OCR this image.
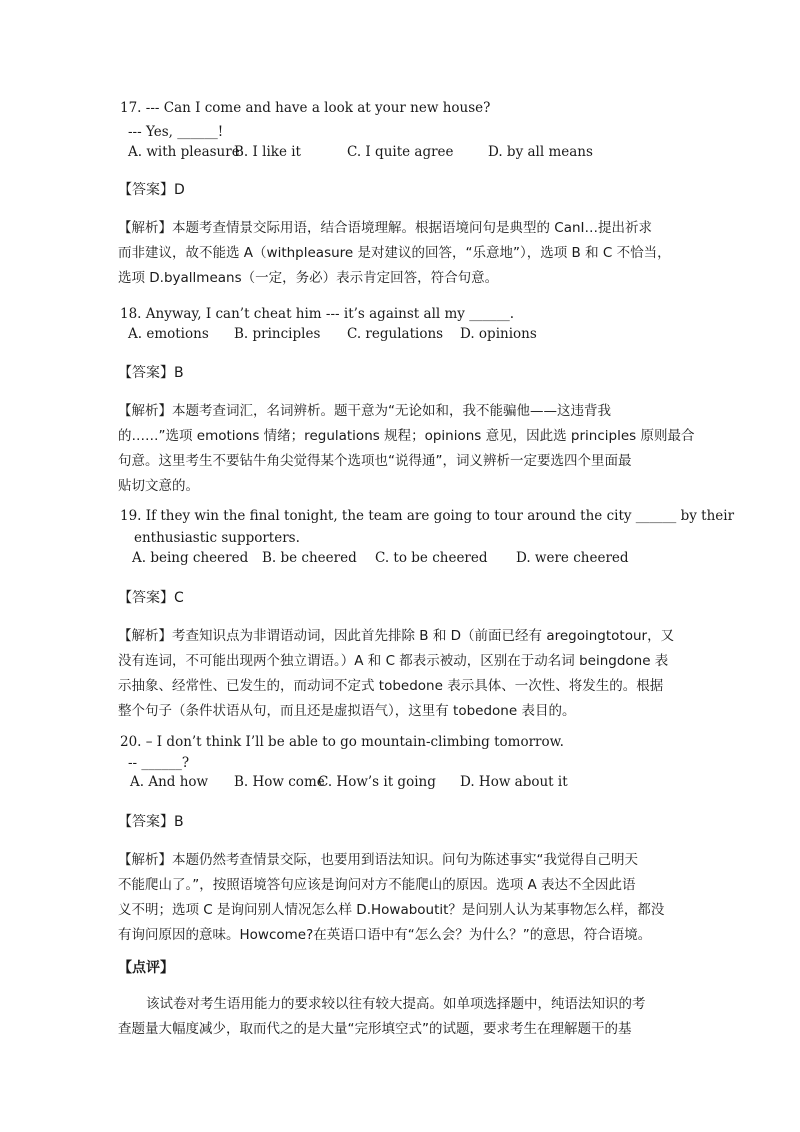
17. --- Can I come and have a look at your new house?
--- Yes, ______!
A. with pleasure
B. I like it	C. I quite agree	D. by all means
【答案】D
【解析】本题考查情景交际用语，结合语境理解。根据语境问句是典型的 CanI…提出祈求
而非建议，故不能选 A（withpleasure 是对建议的回答，“乐意地”），选项 B 和 C 不恰当，
选项 D.byallmeans（一定，务必）表示肯定回答，符合句意。
18. Anyway, I can’t cheat him --- it’s against all my ______.
A. emotions B. principles C. regulations D. opinions
【答案】B
【解析】本题考查词汇，名词辨析。题干意为“无论如和，我不能骗他——这违背我
的……”选项 emotions 情绪；regulations 规程；opinions 意见，因此选 principles 原则最合
句意。这里考生不要钻牛角尖觉得某个选项也“说得通”，词义辨析一定要选四个里面最
贴切文意的。
19. If they win the final tonight, the team are going to tour around the city ______ by their
enthusiastic supporters.
A. being cheered B. be cheered C. to be cheered D. were cheered
【答案】C
【解析】考查知识点为非谓语动词，因此首先排除 B 和 D（前面已经有 aregoingtotour，又
没有连词，不可能出现两个独立谓语。）A 和 C 都表示被动，区别在于动名词 beingdone 表
示抽象、经常性、已发生的，而动词不定式 tobedone 表示具体、一次性、将发生的。根据
整个句子（条件状语从句，而且还是虚拟语气），这里有 tobedone 表目的。
20. – I don’t think I’ll be able to go mountain-climbing tomorrow.
-- ______?
A. And how B. How come
C. How’s it going D. How about it
【答案】B
【解析】本题仍然考查情景交际，也要用到语法知识。问句为陈述事实“我觉得自己明天
不能爬山了。”，按照语境答句应该是询问对方不能爬山的原因。选项 A 表达不全因此语
义不明；选项 C 是询问别人情况怎么样 D.Howaboutit？是问别人认为某事物怎么样，都没
有询问原因的意味。Howcome?在英语口语中有“怎么会？为什么？”的意思，符合语境。
【点评】
该试卷对考生语用能力的要求较以往有较大提高。如单项选择题中，纯语法知识的考
查题量大幅度减少，取而代之的是大量“完形填空式”的试题，要求考生在理解题干的基
